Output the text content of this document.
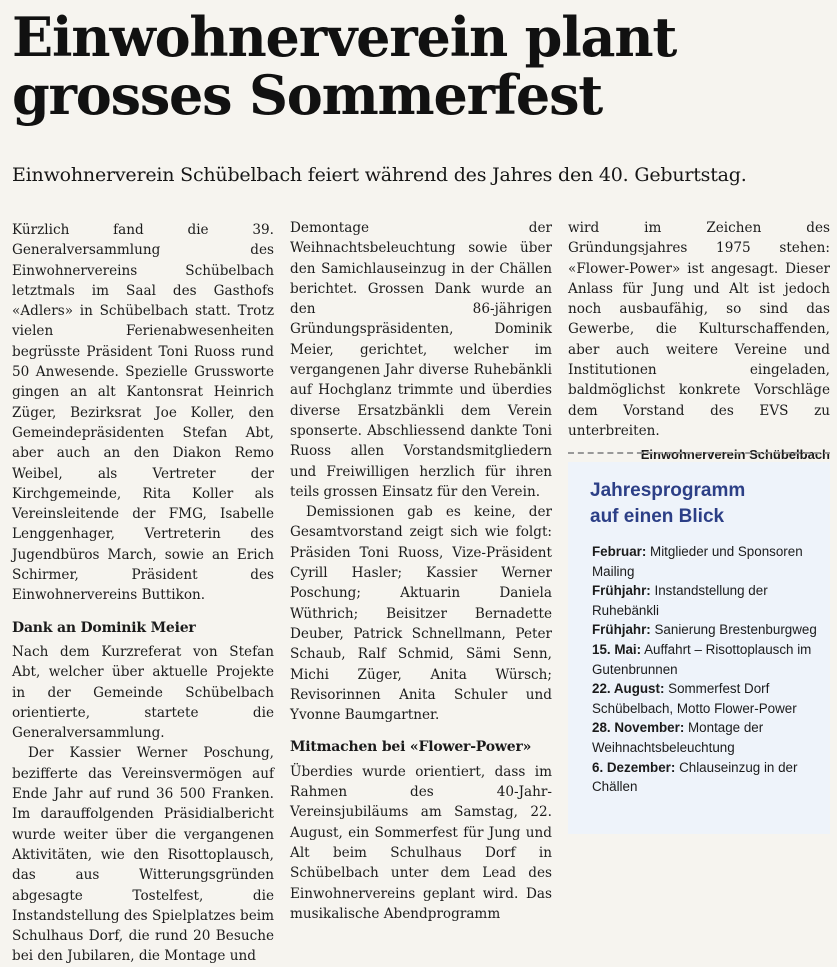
Einwohnerverein plant
grosses Sommerfest
Einwohnerverein Schübelbach feiert während des Jahres den 40. Geburtstag.

Kürzlich fand die 39. Generalversammlung des Einwohnervereins Schübelbach letztmals im Saal des Gasthofs «Adlers» in Schübelbach statt. Trotz vielen Ferienabwesenheiten begrüsste Präsident Toni Ruoss rund 50 Anwesende. Spezielle Grussworte gingen an alt Kantonsrat Heinrich Züger, Bezirksrat Joe Koller, den Gemeindepräsidenten Stefan Abt, aber auch an den Diakon Remo Weibel, als Vertreter der Kirchgemeinde, Rita Koller als Vereinsleitende der FMG, Isabelle Lenggenhager, Vertreterin des Jugendbüros March, sowie an Erich Schirmer, Präsident des Einwohnervereins Buttikon.

Dank an Dominik Meier

Nach dem Kurzreferat von Stefan Abt, welcher über aktuelle Projekte in der Gemeinde Schübelbach orientierte, startete die Generalversammlung.

Der Kassier Werner Poschung, bezifferte das Vereinsvermögen auf Ende Jahr auf rund 36 500 Franken. Im darauffolgenden Präsidialbericht wurde weiter über die vergangenen Aktivitäten, wie den Risottoplausch, das aus Witterungsgründen abgesagte Tostelfest, die Instandstellung des Spielplatzes beim Schulhaus Dorf, die rund 20 Besuche bei den Jubilaren, die Montage und

Demontage der Weihnachtsbeleuchtung sowie über den Samichlauseinzug in der Chällen berichtet. Grossen Dank wurde an den 86-jährigen Gründungspräsidenten, Dominik Meier, gerichtet, welcher im vergangenen Jahr diverse Ruhebänkli auf Hochglanz trimmte und überdies diverse Ersatzbänkli dem Verein sponserte. Abschliessend dankte Toni Ruoss allen Vorstandsmitgliedern und Freiwilligen herzlich für ihren teils grossen Einsatz für den Verein.

Demissionen gab es keine, der Gesamtvorstand zeigt sich wie folgt: Präsiden Toni Ruoss, Vize-Präsident Cyrill Hasler; Kassier Werner Poschung; Aktuarin Daniela Wüthrich; Beisitzer Bernadette Deuber, Patrick Schnellmann, Peter Schaub, Ralf Schmid, Sämi Senn, Michi Züger, Anita Würsch; Revisorinnen Anita Schuler und Yvonne Baumgartner.

Mitmachen bei «Flower-Power»

Überdies wurde orientiert, dass im Rahmen des 40-Jahr-Vereinsjubiläums am Samstag, 22. August, ein Sommerfest für Jung und Alt beim Schulhaus Dorf in Schübelbach unter dem Lead des Einwohnervereins geplant wird. Das musikalische Abendprogramm

wird im Zeichen des Gründungsjahres 1975 stehen: «Flower-Power» ist angesagt. Dieser Anlass für Jung und Alt ist jedoch noch ausbaufähig, so sind das Gewerbe, die Kulturschaffenden, aber auch weitere Vereine und Institutionen eingeladen, baldmöglichst konkrete Vorschläge dem Vorstand des EVS zu unterbreiten.

Einwohnerverein Schübelbach
Jahresprogramm
auf einen Blick
Februar: Mitglieder und Sponsoren Mailing
Frühjahr: Instandstellung der Ruhebänkli
Frühjahr: Sanierung Brestenburgweg
15. Mai: Auffahrt – Risottoplausch im Gutenbrunnen
22. August: Sommerfest Dorf Schübelbach, Motto Flower-Power
28. November: Montage der Weihnachtsbeleuchtung
6. Dezember: Chlauseinzug in der Chällen
